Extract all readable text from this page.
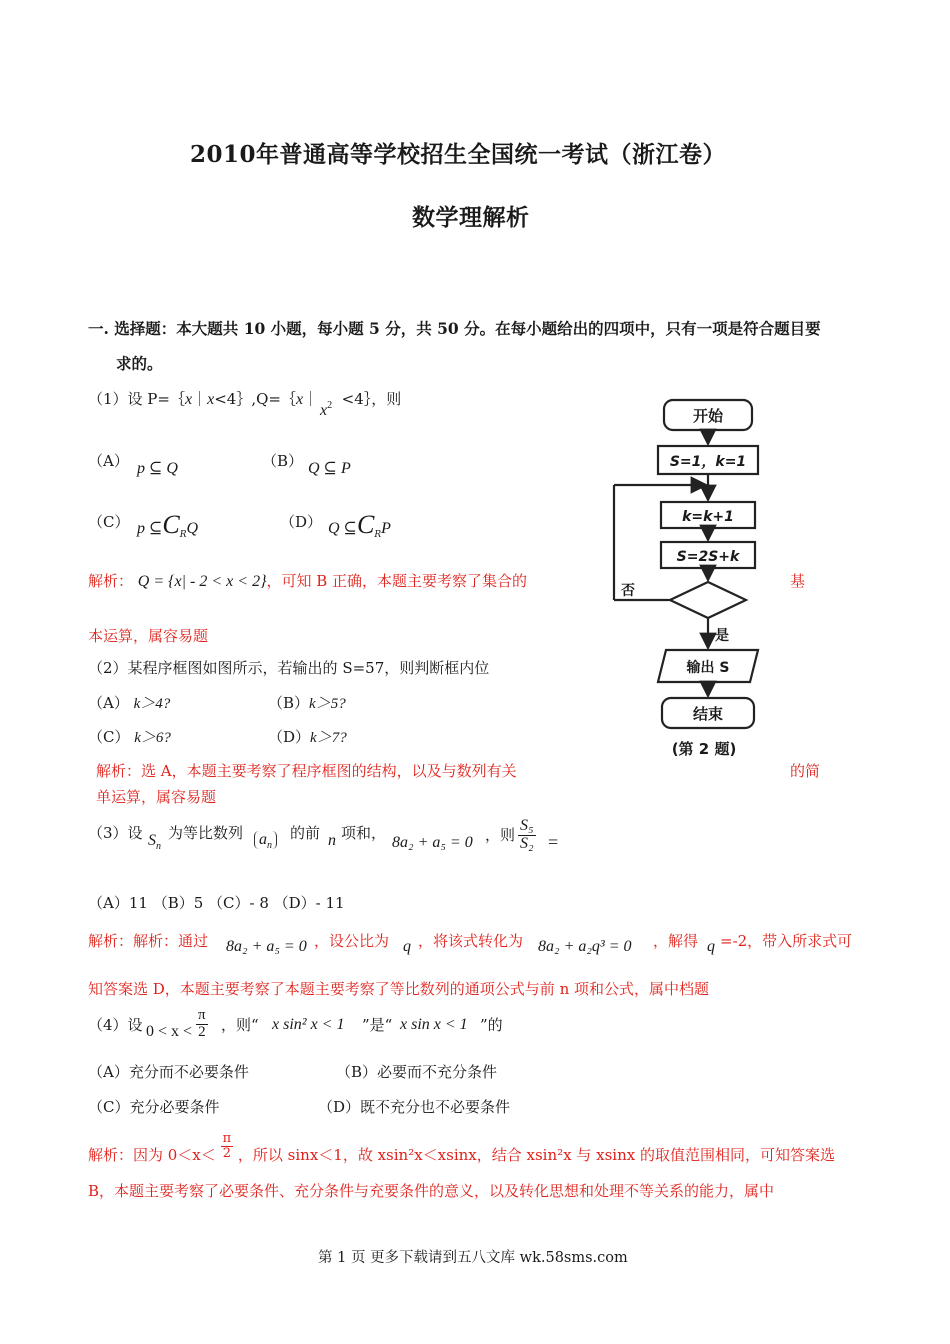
2010年普通高等学校招生全国统一考试（浙江卷）
数学理解析
一. 选择题：本大题共 10 小题，每小题 5 分，共 50 分。在每小题给出的四项中，只有一项是符合题目要
求的。
（1）设 P=｛x｜x<4｝,Q=｛x｜ <4｝，则
$x^2$
（A） p ⊆ Q	（B） Q ⊆ P
（C） p $⊆C_RQ$	（D） Q $⊆C_RP$
解析： Q = {x| - 2 < x < 2}，可知 B 正确，本题主要考察了集合的	基
本运算，属容易题
（2）某程序框图如图所示，若输出的 S=57，则判断框内位
（A） k＞4?	（B）k＞5?
（C） k＞6?	（D）k＞7?
解析：选 A，本题主要考察了程序框图的结构，以及与数列有关	的简
单运算，属容易题
开始
S=1，k=1
k=k+1
S=2S+k
否
是
输出 S
结束
(第 2 题)
（3）设 $S_n$
为等比数列 $a_n$
的前 n 项和，
8a₂ + a₅ = 0 ，则 $\frac{\text{S₅}}{\text{S₂}}$ =
（A）11 （B）5 （C）- 8 （D）- 11
解析：解析：通过 8a₂ + a₅ = 0 ，设公比为 q ，将该式转化为 8a₂ + a₂q³ = 0 ，解得 q =-2，带入所求式可
知答案选 D，本题主要考察了本题主要考察了等比数列的通项公式与前 n 项和公式，属中档题
（4）设 $0 < x < \frac{\pi}{2}$ ，则“ x sin² x < 1 ”是“ x sin x < 1 ”的
（A）充分而不必要条件	（B）必要而不充分条件
（C）充分必要条件	（D）既不充分也不必要条件
解析：因为 $0<x< \frac{\pi}{2}$ ，所以 sinx＜1，故 xsin²x＜xsinx，结合 xsin²x 与 xsinx 的取值范围相同，可知答案选
B，本题主要考察了必要条件、充分条件与充要条件的意义，以及转化思想和处理不等关系的能力，属中
第 1 页 更多下载请到五八文库 wk.58sms.com
